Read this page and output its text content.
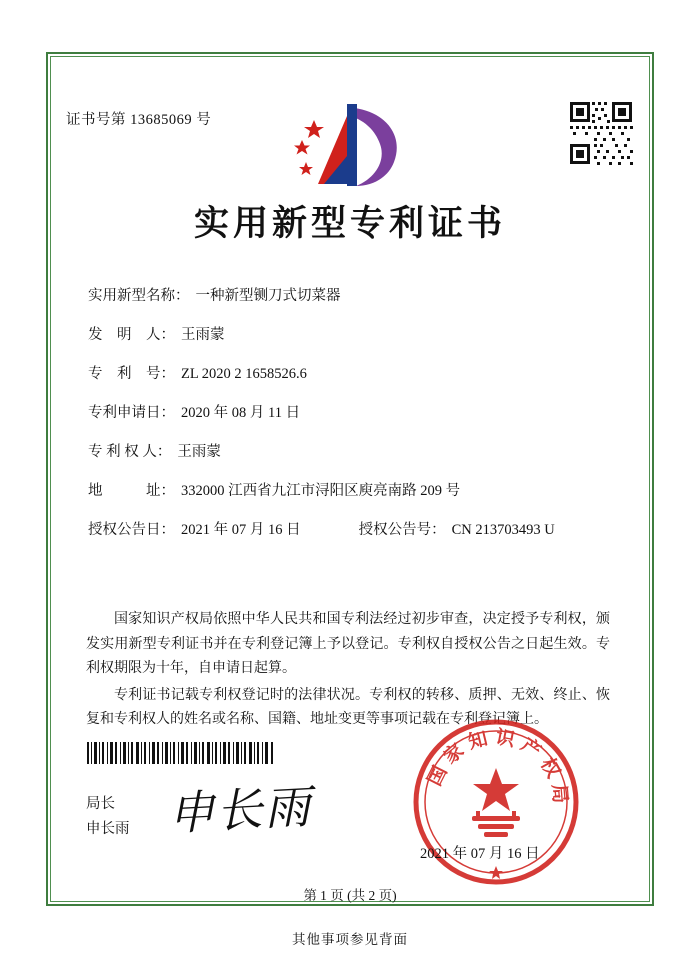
证书号第 13685069 号
实用新型专利证书
实用新型名称： 一种新型铡刀式切菜器
发　明　人： 王雨蒙
专　利　号： ZL 2020 2 1658526.6
专利申请日： 2020 年 08 月 11 日
专 利 权 人： 王雨蒙
地　　　址： 332000 江西省九江市浔阳区庾亮南路 209 号
授权公告日： 2021 年 07 月 16 日	授权公告号： CN 213703493 U

国家知识产权局依照中华人民共和国专利法经过初步审查，决定授予专利权，颁发实用新型专利证书并在专利登记簿上予以登记。专利权自授权公告之日起生效。专利权期限为十年，自申请日起算。

专利证书记载专利权登记时的法律状况。专利权的转移、质押、无效、终止、恢复和专利权人的姓名或名称、国籍、地址变更等事项记载在专利登记簿上。

局长
申长雨 申长雨
国家知识产权局
2021 年 07 月 16 日
第 1 页 (共 2 页)
其他事项参见背面
